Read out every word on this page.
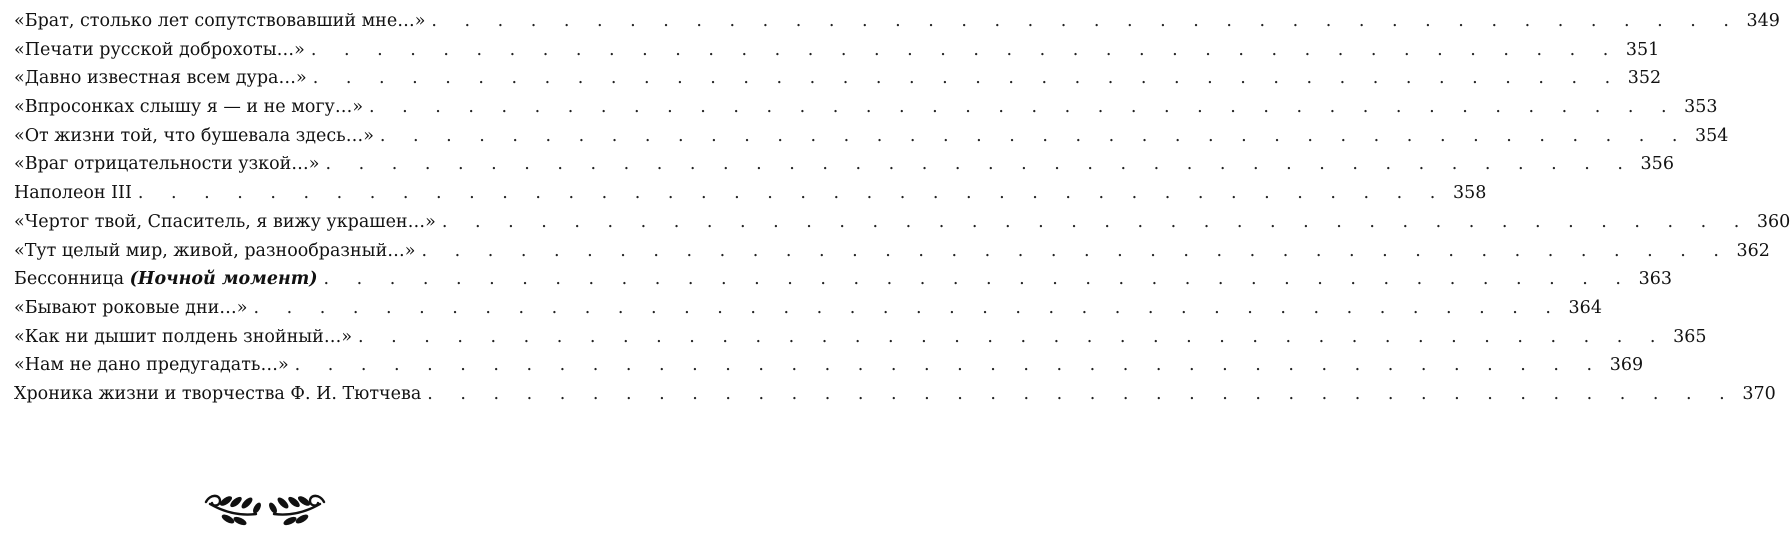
«Брат, столько лет сопутствовавший мне…» . . . . . . . . . . . . . . . . . . . . . . . . . . . . . . . . . . . . . . . . 349
«Печати русской доброхоты…» . . . . . . . . . . . . . . . . . . . . . . . . . . . . . . . . . . . . . . . . 351
«Давно известная всем дура…» . . . . . . . . . . . . . . . . . . . . . . . . . . . . . . . . . . . . . . . . 352
«Впросонках слышу я — и не могу…» . . . . . . . . . . . . . . . . . . . . . . . . . . . . . . . . . . . . . . . . 353
«От жизни той, что бушевала здесь…» . . . . . . . . . . . . . . . . . . . . . . . . . . . . . . . . . . . . . . . . 354
«Враг отрицательности узкой…» . . . . . . . . . . . . . . . . . . . . . . . . . . . . . . . . . . . . . . . . 356
Наполеон III . . . . . . . . . . . . . . . . . . . . . . . . . . . . . . . . . . . . . . . . 358
«Чертог твой, Спаситель, я вижу украшен…» . . . . . . . . . . . . . . . . . . . . . . . . . . . . . . . . . . . . . . . . 360
«Тут целый мир, живой, разнообразный…» . . . . . . . . . . . . . . . . . . . . . . . . . . . . . . . . . . . . . . . . 362
Бессонница (Ночной момент) . . . . . . . . . . . . . . . . . . . . . . . . . . . . . . . . . . . . . . . . 363
«Бывают роковые дни…» . . . . . . . . . . . . . . . . . . . . . . . . . . . . . . . . . . . . . . . . 364
«Как ни дышит полдень знойный…» . . . . . . . . . . . . . . . . . . . . . . . . . . . . . . . . . . . . . . . . 365
«Нам не дано предугадать…» . . . . . . . . . . . . . . . . . . . . . . . . . . . . . . . . . . . . . . . . 369
Хроника жизни и творчества Ф. И. Тютчева . . . . . . . . . . . . . . . . . . . . . . . . . . . . . . . . . . . . . . . . 370
